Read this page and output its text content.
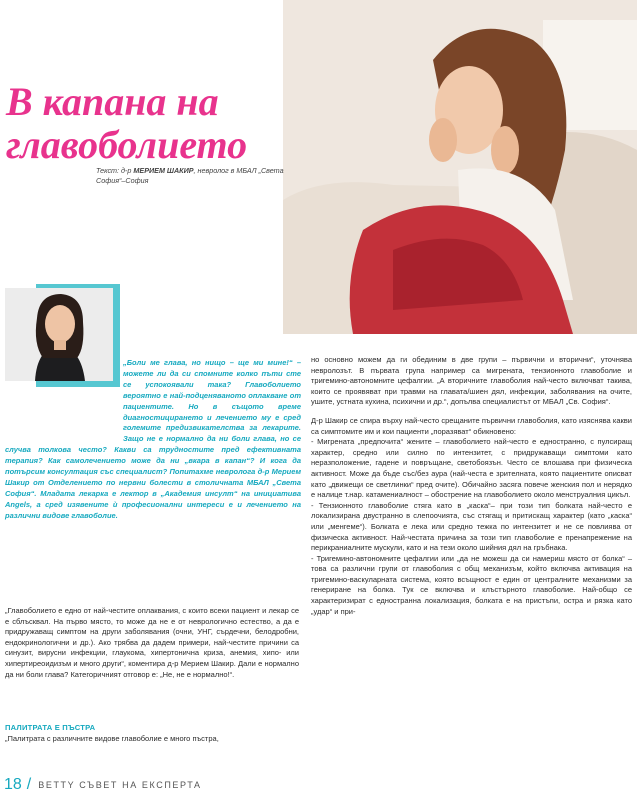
В капана на главоболието
Текст: д-р МЕРИЕМ ШАКИР, невролог в МБАЛ „Света София“–София
„Боли ме глава, но нищо – ще ми мине!“ – можете ли да си спомните колко пъти сте се успокоявали така? Главоболието вероятно е най-подценяваното оплакване от пациентите. Но в същото време диагностицирането и лечението му е сред големите предизвикателства за лекарите. Защо не е нормално да ни боли глава, но се случва толкова често? Какви са трудностите пред ефективната терапия? Как самолечението може да ни „вкара в капан“? И кога да потърсим консултация със специалист? Попитахме невролога д-р Мерием Шакир от Отделението по нервни болести в столичната МБАЛ „Света София“. Младата лекарка е лектор в „Академия инсулт“ на инициатива Angels, а сред изявените ѝ професионални интереси е и лечението на различни видове главоболие.

„Главоболието е едно от най-честите оплаквания, с които всеки пациент и лекар се е сблъсквал. На първо място, то може да не е от неврологично естество, а да е придружаващ симптом на други заболявания (очни, УНГ, сърдечни, белодробни, ендокринологични и др.). Ако трябва да дадем примери, най-честите причини са синузит, вирусни инфекции, глаукома, хипертонична криза, анемия, хипо- или хипертиреоидизъм и много други“, коментира д-р Мерием Шакир. Дали е нормално да ни боли глава? Категоричният отговор е: „Не, не е нормално!“.

ПАЛИТРАТА Е ПЪСТРА

„Палитрата с различните видове главоболие е много пъстра,

но основно можем да ги обединим в две групи – първични и вторични“, уточнява невролозът. В първата група например са мигрената, тензионното главоболие и тригемино-автономните цефалгии. „А вторичните главоболия най-често включват такива, които се проявяват при травми на главата/шиен дял, инфекции, заболявания на очите, ушите, устната кухина, психични и др.“, допълва специалистът от МБАЛ „Св. София“.

Д-р Шакир се спира върху най-често срещаните първични главоболия, като изяснява какви са симптомите им и кои пациенти „поразяват“ обикновено:

- Мигрената „предпочита“ жените – главоболието най-често е едностранно, с пулсиращ характер, средно или силно по интензитет, с придружаващи симптоми като неразположение, гадене и повръщане, светобоязън. Често се влошава при физическа активност. Може да бъде със/без аура (най-честа е зрителната, която пациентите описват като „движещи се светлинки“ пред очите). Обичайно засяга повече женския пол и нерядко е налице т.нар. катамениалност – обострение на главоболието около менструалния цикъл.

- Тензионното главоболие стяга като в „каска“– при този тип болката най-често е локализирана двустранно в слепоочията, със стягащ и притискащ характер (като „каска“ или „менгеме“). Болката е лека или средно тежка по интензитет и не се повлиява от физическа активност. Най-честата причина за този тип главоболие е пренапрежение на перикраниалните мускули, като и на тези около шийния дял на гръбнака.

- Тригемино-автономните цефалгии или „да не можеш да си намериш място от болка“ – това са различни групи от главоболия с общ механизъм, който включва активация на тригемино-васкуларната система, която всъщност е един от централните механизми за генериране на болка. Тук се включва и клъстърното главоболие. Най-общо се характеризират с едностранна локализация, болката е на пристъпи, остра и рязка като „удар“ и при-

18 / BETTY СЪВЕТ НА ЕКСПЕРТА
